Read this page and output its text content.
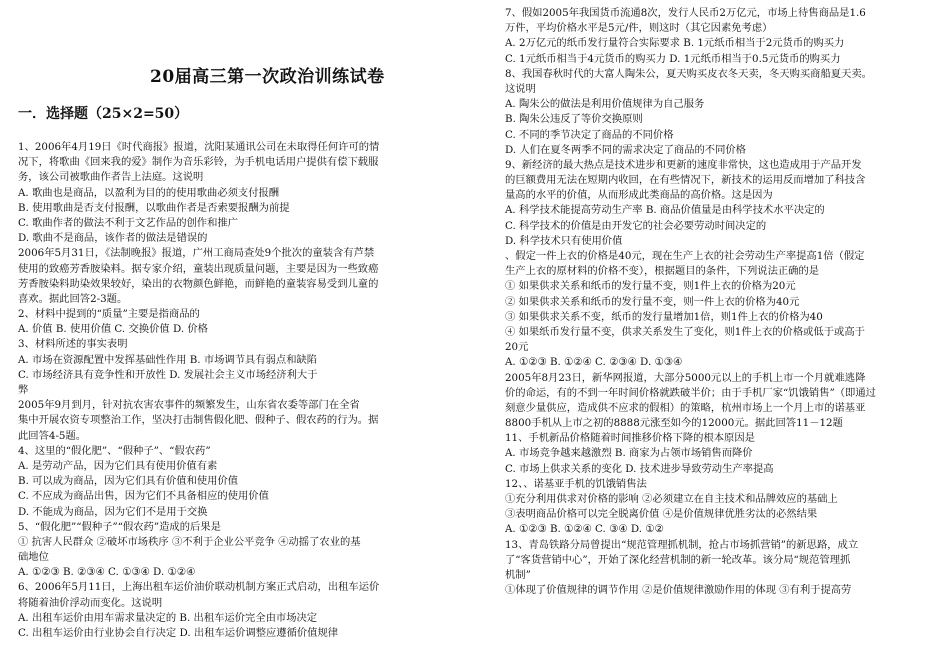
20届高三第一次政治训练试卷
一．选择题（25×2=50）
1、2006年4月19日《时代商报》报道，沈阳某通讯公司在未取得任何许可的情
况下，将歌曲《回来我的爱》制作为音乐彩铃，为手机电话用户提供有偿下载服
务，该公司被歌曲作者告上法庭。这说明
A. 歌曲也是商品，以盈利为目的的使用歌曲必须支付报酬
B. 使用歌曲是否支付报酬，以歌曲作者是否索要报酬为前提
C. 歌曲作者的做法不利于文艺作品的创作和推广
D. 歌曲不是商品，该作者的做法是错误的
2006年5月31日，《法制晚报》报道，广州工商局查处9个批次的童装含有芦禁
使用的致癌芳香胺染料。据专家介绍，童装出现质量问题，主要是因为一些致癌
芳香胺染料助染效果较好，染出的衣物颜色鲜艳，而鲜艳的童装容易受到儿童的
喜欢。据此回答2-3题。
2、材料中提到的“质量”主要是指商品的
A. 价值 B. 使用价值 C. 交换价值 D. 价格
3、材料所述的事实表明
A. 市场在资源配置中发挥基础性作用 B. 市场调节具有弱点和缺陷
C. 市场经济具有竞争性和开放性 D. 发展社会主义市场经济利大于
弊
2005年9月到月，针对抗农害农事件的频繁发生，山东省农委等部门在全省
集中开展农资专项整治工作，坚决打击制售假化肥、假种子、假农药的行为。据
此回答4-5题。
4、这里的“假化肥”、“假种子”、“假农药”
A. 是劳动产品，因为它们具有使用价值有素
B. 可以成为商品，因为它们具有价值和使用价值
C. 不应成为商品出售，因为它们不具备相应的使用价值
D. 不能成为商品，因为它们不是用于交换
5、“假化肥”“假种子”“假农药”造成的后果是
① 抗害人民群众 ②破坏市场秩序 ③不利于企业公平竞争 ④动摇了农业的基
础地位
A. ①②③ B. ②③④ C. ①③④ D. ①②④
6、2006年5月11日，上海出租车运价油价联动机制方案正式启动，出租车运价
将随着油价浮动而变化。这说明
A. 出租车运价由用车需求量决定的 B. 出租车运价完全由市场决定
C. 出租车运价由行业协会自行决定 D. 出租车运价调整应遵循价值规律
7、假如2005年我国货币流通8次，发行人民币2万亿元，市场上待售商品是1.6
万件，平均价格水平是5元/件，则这时（其它因素免考虑）
A. 2万亿元的纸币发行量符合实际要求 B. 1元纸币相当于2元货币的购买力
C. 1元纸币相当于4元货币的购买力 D. 1元纸币相当于0.5元货币的购买力
8、我国春秋时代的大富人陶朱公，夏天购买皮衣冬天卖，冬天购买商船夏天卖。
这说明
A. 陶朱公的做法是利用价值规律为自己服务
B. 陶朱公违反了等价交换原则
C. 不同的季节决定了商品的不同价格
D. 人们在夏冬两季不同的需求决定了商品的不同价格
9、新经济的最大热点是技术进步和更新的速度非常快，这也造成用于产品开发
的巨额费用无法在短期内收回，在有些情况下，新技术的运用反而增加了科技含
量高的水平的价值，从而形成此类商品的高价格。这是因为
A. 科学技术能提高劳动生产率 B. 商品价值量是由科学技术水平决定的
C. 科学技术的价值是由开发它的社会必要劳动时间决定的
D. 科学技术只有使用价值
、假定一件上衣的价格是40元，现在生产上衣的社会劳动生产率提高1倍（假定
生产上衣的原材料的价格不变），根据题目的条件，下列说法正确的是
① 如果供求关系和纸币的发行量不变，则1件上衣的价格为20元
② 如果供求关系和纸币的发行量不变，则一件上衣的价格为40元
③ 如果供求关系不变，纸币的发行量增加1倍，则1件上衣的价格为40
④ 如果纸币发行量不变，供求关系发生了变化，则1件上衣的价格或低于或高于
20元
A. ①②③ B. ①②④ C. ②③④ D. ①③④
2005年8月23日，新华网报道，大部分5000元以上的手机上市一个月就难逃降
价的命运，有的不到一年时间价格就跌破半价；由于手机厂家“饥饿销售”（即通过
刻意少量供应，造成供不应求的假相）的策略，杭州市场上一个月上市的诺基亚
8800手机从上市之初的8888元涨至如今的12000元。据此回答11－12题
11、手机新品价格随着时间推移价格下降的根本原因是
A. 市场竞争越来越激烈 B. 商家为占领市场销售而降价
C. 市场上供求关系的变化 D. 技术进步导致劳动生产率提高
12、、诺基亚手机的饥饿销售法
①充分利用供求对价格的影响 ②必须建立在自主技术和品牌效应的基础上
③表明商品价格可以完全脱离价值 ④是价值规律优胜劣汰的必然结果
A. ①②③ B. ①②④ C. ③④ D. ①②
13、青岛铁路分局曾提出“规范管理抓机制，抢占市场抓营销”的新思路，成立
了“客货营销中心”，开始了深化经营机制的新一轮改革。该分局“规范管理抓
机制”
①体现了价值规律的调节作用 ②是价值规律激励作用的体现 ③有利于提高劳
